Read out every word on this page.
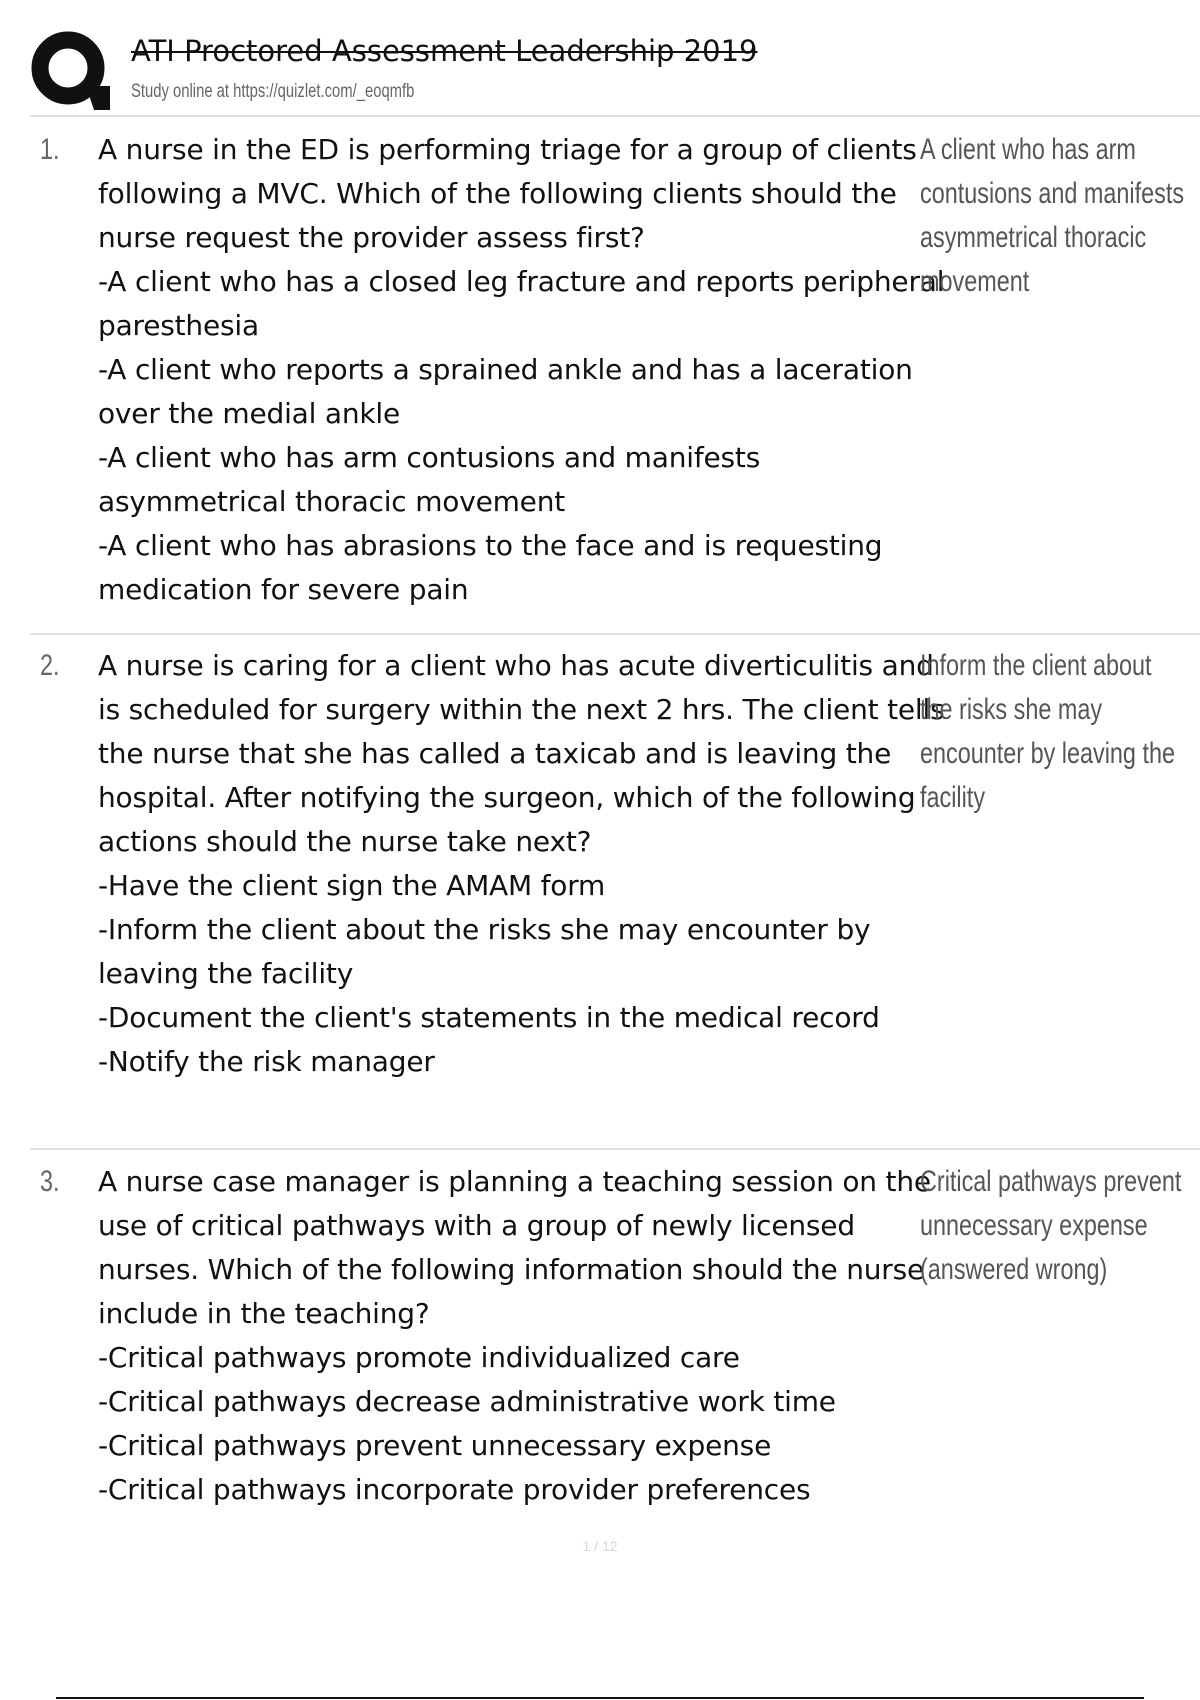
ATI Proctored Assessment Leadership 2019
Study online at https://quizlet.com/_eoqmfb
1. A nurse in the ED is performing triage for a group of clients following a MVC. Which of the following clients should the nurse request the provider assess first?

-A client who has a closed leg fracture and reports peripheral paresthesia

-A client who reports a sprained ankle and has a laceration over the medial ankle

-A client who has arm contusions and manifests asymmetrical thoracic movement

-A client who has abrasions to the face and is requesting medication for severe pain

A client who has arm contusions and manifests asymmetrical thoracic movement

2. A nurse is caring for a client who has acute diverticulitis and is scheduled for surgery within the next 2 hrs. The client tells the nurse that she has called a taxicab and is leaving the hospital. After notifying the surgeon, which of the following actions should the nurse take next?

-Have the client sign the AMAM form

-Inform the client about the risks she may encounter by leaving the facility

-Document the client's statements in the medical record

-Notify the risk manager

Inform the client about the risks she may encounter by leaving the facility

3. A nurse case manager is planning a teaching session on the use of critical pathways with a group of newly licensed nurses. Which of the following information should the nurse include in the teaching?

-Critical pathways promote individualized care

-Critical pathways decrease administrative work time

-Critical pathways prevent unnecessary expense

-Critical pathways incorporate provider preferences

Critical pathways prevent unnecessary expense (answered wrong)

1 / 12
